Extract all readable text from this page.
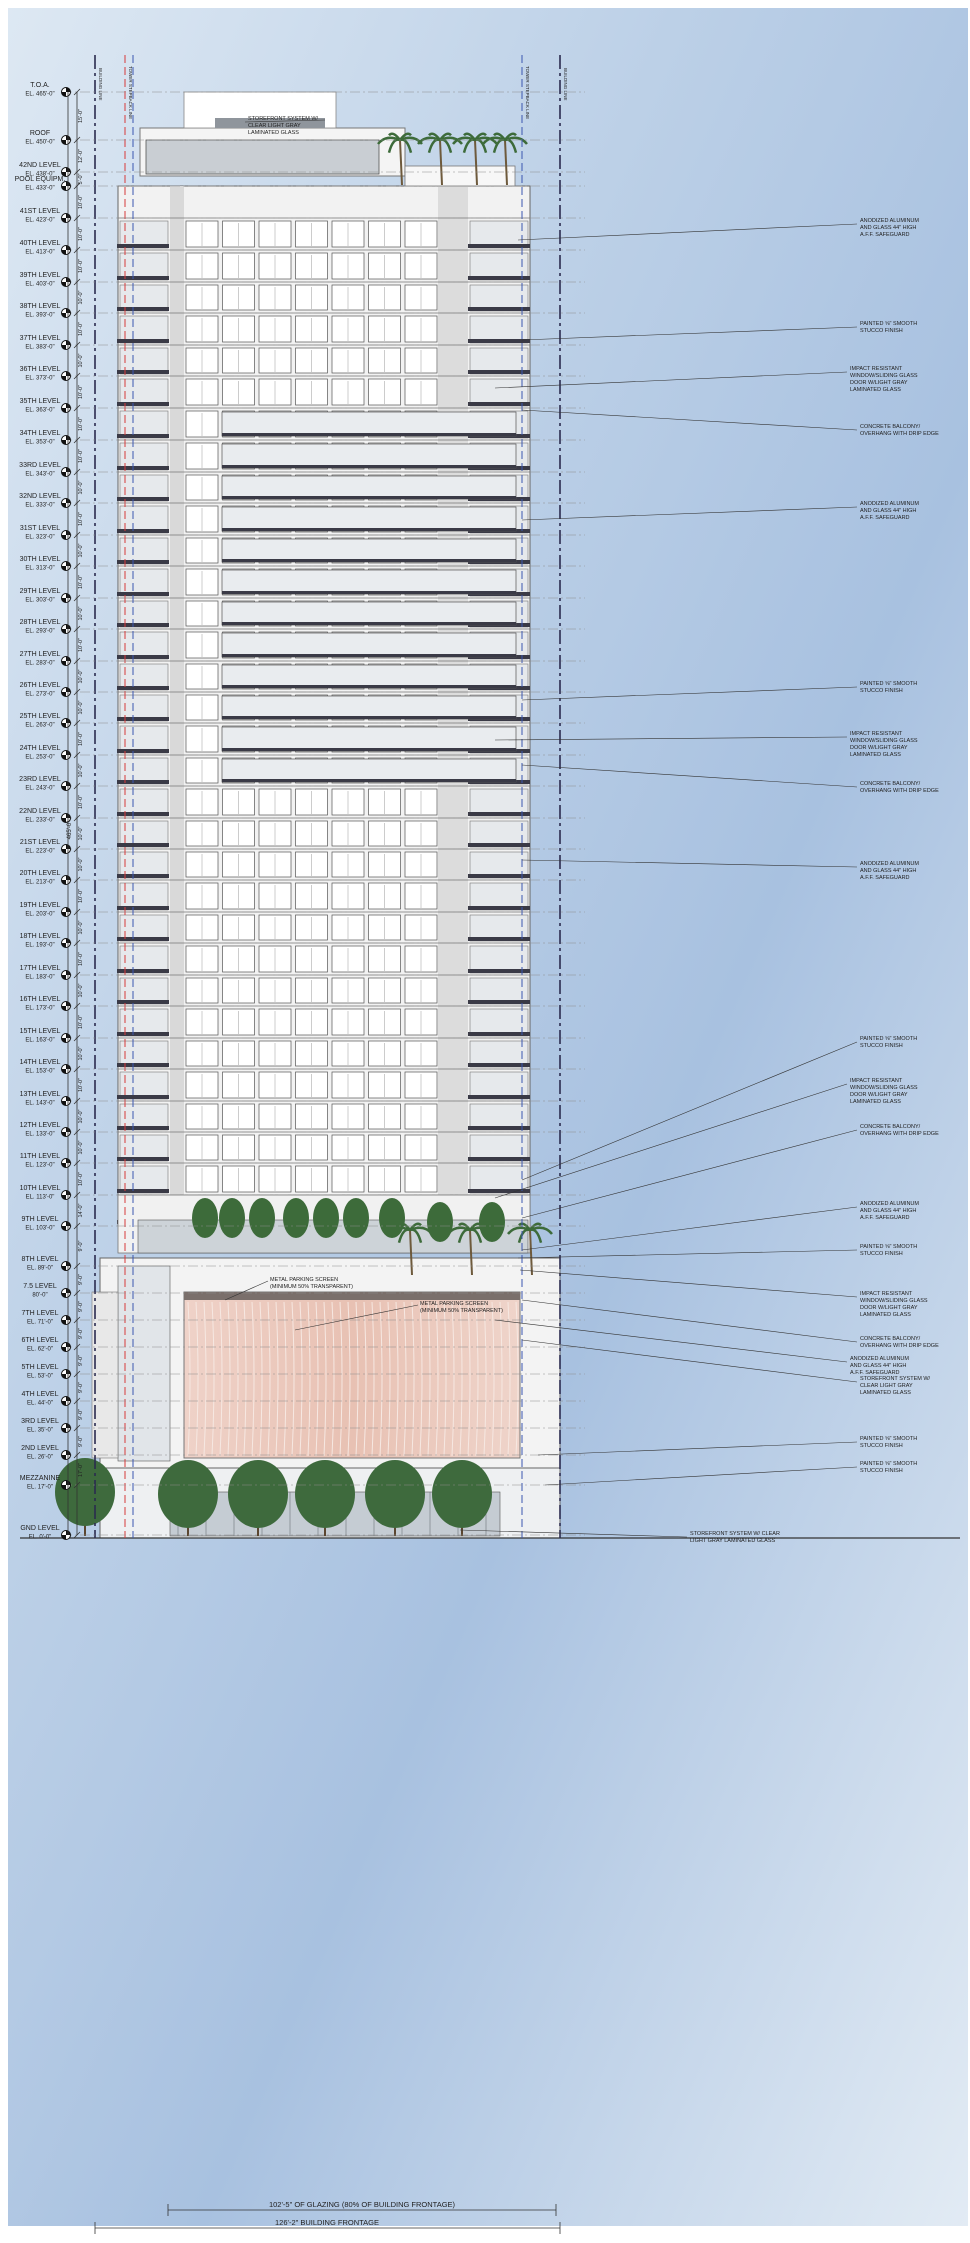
BUILDING LINE	TOWER STEPBACK LINE	TOWER STEPBACK LINE	BUILDING LINE
T.O.A.
EL. 465'-0"
ROOF
EL. 450'-0"
42ND LEVEL
EL. 438'-0"
POOL EQUIPM.
EL. 433'-0"
41ST LEVEL
EL. 423'-0"
40TH LEVEL
EL. 413'-0"
39TH LEVEL
EL. 403'-0"
38TH LEVEL
EL. 393'-0"
37TH LEVEL
EL. 383'-0"
36TH LEVEL
EL. 373'-0"
35TH LEVEL
EL. 363'-0"
34TH LEVEL
EL. 353'-0"
33RD LEVEL
EL. 343'-0"
32ND LEVEL
EL. 333'-0"
31ST LEVEL
EL. 323'-0"
30TH LEVEL
EL. 313'-0"
29TH LEVEL
EL. 303'-0"
28TH LEVEL
EL. 293'-0"
27TH LEVEL
EL. 283'-0"
26TH LEVEL
EL. 273'-0"
25TH LEVEL
EL. 263'-0"
24TH LEVEL
EL. 253'-0"
23RD LEVEL
EL. 243'-0"
22ND LEVEL
EL. 233'-0"
21ST LEVEL
EL. 223'-0"
20TH LEVEL
EL. 213'-0"
19TH LEVEL
EL. 203'-0"
18TH LEVEL
EL. 193'-0"
17TH LEVEL
EL. 183'-0"
16TH LEVEL
EL. 173'-0"
15TH LEVEL
EL. 163'-0"
14TH LEVEL
EL. 153'-0"
13TH LEVEL
EL. 143'-0"
12TH LEVEL
EL. 133'-0"
11TH LEVEL
EL. 123'-0"
10TH LEVEL
EL. 113'-0"
9TH LEVEL
EL. 103'-0"
8TH LEVEL
EL. 89'-0"
7.5 LEVEL
80'-0"
7TH LEVEL
EL. 71'-0"
6TH LEVEL
EL. 62'-0"
5TH LEVEL
EL. 53'-0"
4TH LEVEL
EL. 44'-0"
3RD LEVEL
EL. 35'-0"
2ND LEVEL
EL. 26'-0"
MEZZANINE
EL. 17'-0"
GND LEVEL
EL. 0'-0"
15'-0"
12'-0"
5'-0"
10'-0"
10'-0"
10'-0"
10'-0"
10'-0"
10'-0"
10'-0"
10'-0"
10'-0"
10'-0"
10'-0"
10'-0"
10'-0"
10'-0"
10'-0"
10'-0"
10'-0"
10'-0"
10'-0"
10'-0"
10'-0"
10'-0"
10'-0"
10'-0"
10'-0"
10'-0"
10'-0"
10'-0"
10'-0"
10'-0"
10'-0"
10'-0"
14'-0"
9'-0"
9'-0"
9'-0"
9'-0"
9'-0"
9'-0"
9'-0"
9'-0"
17'-0"
465'-0"
STOREFRONT SYSTEM W/
CLEAR LIGHT GRAY
LAMINATED GLASS
ANODIZED ALUMINUM
AND GLASS 44" HIGH
A.F.F. SAFEGUARD
PAINTED ⅝" SMOOTH
STUCCO FINISH
IMPACT RESISTANT
WINDOW/SLIDING GLASS
DOOR W/LIGHT GRAY
LAMINATED GLASS
CONCRETE BALCONY/
OVERHANG WITH DRIP EDGE
ANODIZED ALUMINUM
AND GLASS 44" HIGH
A.F.F. SAFEGUARD
PAINTED ⅝" SMOOTH
STUCCO FINISH
IMPACT RESISTANT
WINDOW/SLIDING GLASS
DOOR W/LIGHT GRAY
LAMINATED GLASS
CONCRETE BALCONY/
OVERHANG WITH DRIP EDGE
ANODIZED ALUMINUM
AND GLASS 44" HIGH
A.F.F. SAFEGUARD
PAINTED ⅝" SMOOTH
STUCCO FINISH
IMPACT RESISTANT
WINDOW/SLIDING GLASS
DOOR W/LIGHT GRAY
LAMINATED GLASS
CONCRETE BALCONY/
OVERHANG WITH DRIP EDGE
ANODIZED ALUMINUM
AND GLASS 44" HIGH
A.F.F. SAFEGUARD
PAINTED ⅝" SMOOTH
STUCCO FINISH
IMPACT RESISTANT
WINDOW/SLIDING GLASS
DOOR W/LIGHT GRAY
LAMINATED GLASS
CONCRETE BALCONY/
OVERHANG WITH DRIP EDGE
ANODIZED ALUMINUM
AND GLASS 44" HIGH
A.F.F. SAFEGUARD
STOREFRONT SYSTEM W/
CLEAR LIGHT GRAY
LAMINATED GLASS
PAINTED ⅝" SMOOTH
STUCCO FINISH
METAL PARKING SCREEN
(MINIMUM 50% TRANSPARENT)
METAL PARKING SCREEN
(MINIMUM 50% TRANSPARENT)
PAINTED ⅝" SMOOTH
STUCCO FINISH
STOREFRONT SYSTEM W/ CLEAR
LIGHT GRAY LAMINATED GLASS
102'-5" OF GLAZING (80% OF BUILDING FRONTAGE)
126'-2" BUILDING FRONTAGE
